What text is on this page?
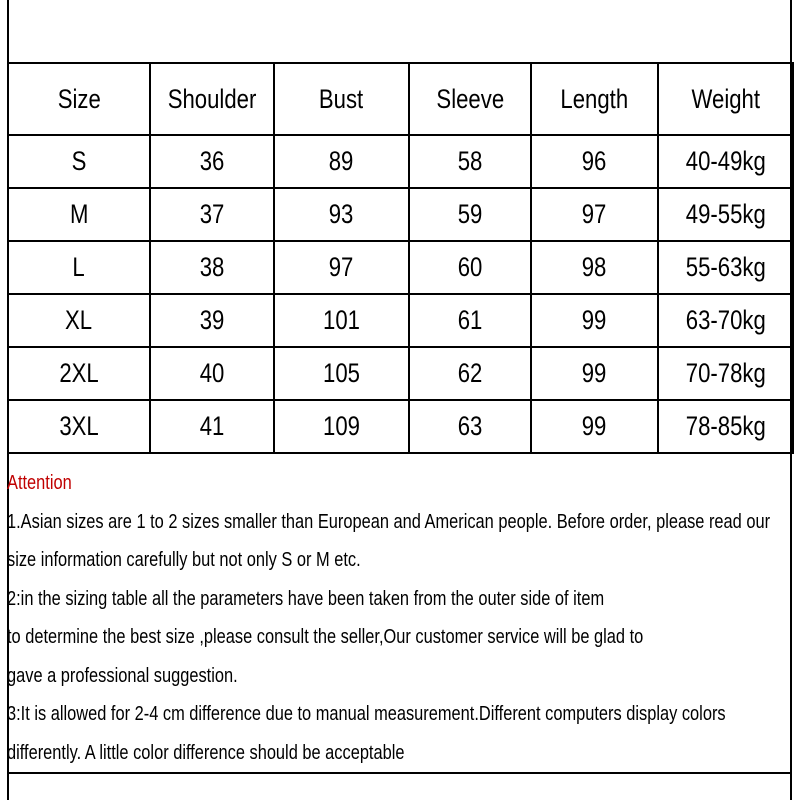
Size	Shoulder	Bust	Sleeve	Length	Weight
S	36	89	58	96	40-49kg
M	37	93	59	97	49-55kg
L	38	97	60	98	55-63kg
XL	39	101	61	99	63-70kg
2XL	40	105	62	99	70-78kg
3XL	41	109	63	99	78-85kg
Attention
1.Asian sizes are 1 to 2 sizes smaller than European and American people. Before order, please read our
size information carefully but not only S or M etc.
2:in the sizing table all the parameters have been taken from the outer side of item
to determine the best size ,please consult the seller,Our customer service will be glad to
gave a professional suggestion.
3:It is allowed for 2-4 cm difference due to manual measurement.Different computers display colors
differently. A little color difference should be acceptable
